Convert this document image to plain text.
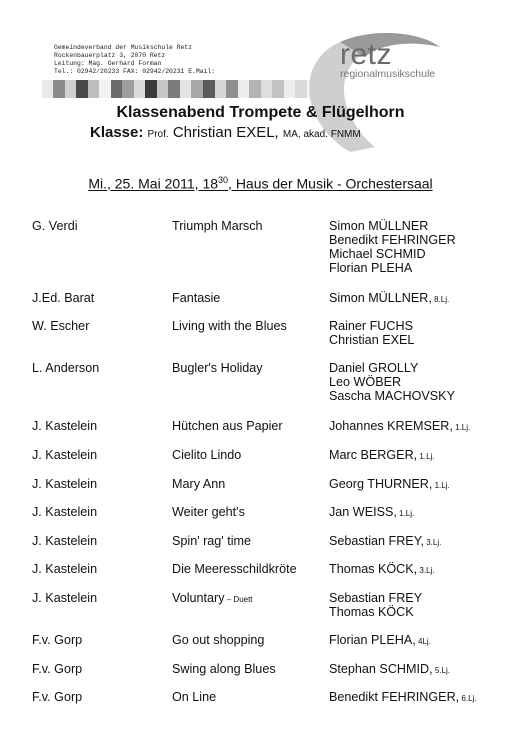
Gemeindeverband der Musikschule Retz
Rockenbauerplatz 3, 2070 Retz
Leitung: Mag. Gerhard Forman
Tel.: 02942/20233 FAX: 02942/20231 E.Mail:
retz
regionalmusikschule
Klassenabend Trompete & Flügelhorn
Klasse: Prof. Christian EXEL, MA, akad. FNMM
Mi., 25. Mai 2011, $18^{30}$, Haus der Musik - Orchestersaal
G. Verdi	Triumph Marsch	Simon MÜLLNER
Benedikt FEHRINGER
Michael SCHMID
Florian PLEHA
J.Ed. Barat	Fantasie	Simon MÜLLNER, 8.Lj.
W. Escher	Living with the Blues	Rainer FUCHS
Christian EXEL
L. Anderson	Bugler's Holiday	Daniel GROLLY
Leo WÖBER
Sascha MACHOVSKY
J. Kastelein	Hütchen aus Papier	Johannes KREMSER, 1.Lj.
J. Kastelein	Cielito Lindo	Marc BERGER, 1.Lj.
J. Kastelein	Mary Ann	Georg THURNER, 1.Lj.
J. Kastelein	Weiter geht's	Jan WEISS, 1.Lj.
J. Kastelein	Spin' rag' time	Sebastian FREY, 3.Lj.
J. Kastelein	Die Meeresschildkröte	Thomas KÖCK, 3.Lj.
J. Kastelein	Voluntary – Duett	Sebastian FREY
Thomas KÖCK
F.v. Gorp	Go out shopping	Florian PLEHA, 4Lj.
F.v. Gorp	Swing along Blues	Stephan SCHMID, 5.Lj.
F.v. Gorp	On Line	Benedikt FEHRINGER, 6.Lj.
